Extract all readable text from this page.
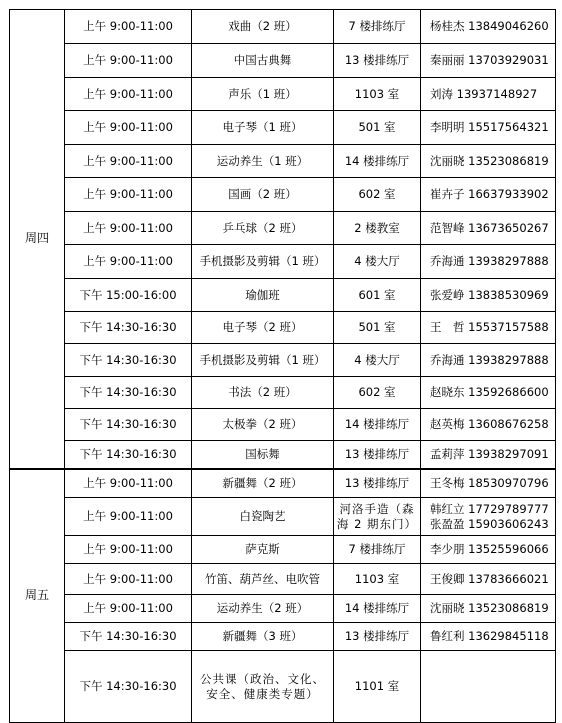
周四	上午 9:00-11:00	戏曲（2 班）	7 楼排练厅	杨桂杰 13849046260
	上午 9:00-11:00	中国古典舞	13 楼排练厅	秦丽丽 13703929031
	上午 9:00-11:00	声乐（1 班）	1103 室	刘涛 13937148927
	上午 9:00-11:00	电子琴（1 班）	501 室	李明明 15517564321
	上午 9:00-11:00	运动养生（1 班）	14 楼排练厅	沈丽晓 13523086819
	上午 9:00-11:00	国画（2 班）	602 室	崔卉子 16637933902
	上午 9:00-11:00	乒乓球（2 班）	2 楼教室	范智峰 13673650267
	上午 9:00-11:00	手机摄影及剪辑（1 班）	4 楼大厅	乔海通 13938297888
	下午 15:00-16:00	瑜伽班	601 室	张爱峥 13838530969
	下午 14:30-16:30	电子琴（2 班）	501 室	王　哲 15537157588
	下午 14:30-16:30	手机摄影及剪辑（1 班）	4 楼大厅	乔海通 13938297888
	下午 14:30-16:30	书法（2 班）	602 室	赵晓东 13592686600
	下午 14:30-16:30	太极拳（2 班）	14 楼排练厅	赵英梅 13608676258
	下午 14:30-16:30	国标舞	13 楼排练厅	孟莉萍 13938297091
周五	上午 9:00-11:00	新疆舞（2 班）	13 楼排练厅	王冬梅 18530970796
	上午 9:00-11:00	白瓷陶艺	河洛手造（森海 2 期东门）	韩红立 17729789777
张盈盈 15903606243
	上午 9:00-11:00	萨克斯	7 楼排练厅	李少朋 13525596066
	上午 9:00-11:00	竹笛、葫芦丝、电吹管	1103 室	王俊卿 13783666021
	上午 9:00-11:00	运动养生（2 班）	14 楼排练厅	沈丽晓 13523086819
	下午 14:30-16:30	新疆舞（3 班）	13 楼排练厅	鲁红利 13629845118
	下午 14:30-16:30	公共课（政治、文化、安全、健康类专题）	1101 室	
